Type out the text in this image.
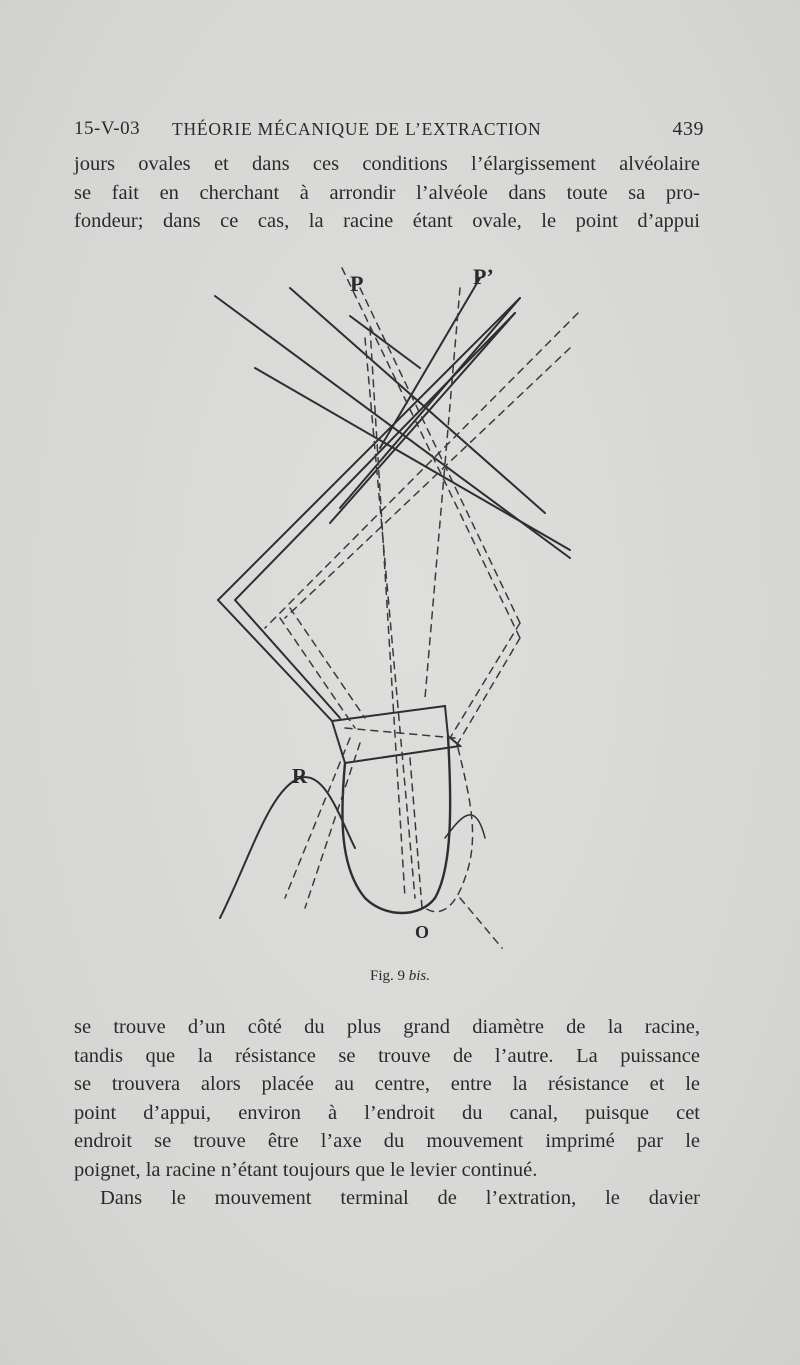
15-V-03 THÉORIE MÉCANIQUE DE L’EXTRACTION	439
jours ovales et dans ces conditions l’élargissement alvéolaire
se fait en cherchant à arrondir l’alvéole dans toute sa pro-
fondeur; dans ce cas, la racine étant ovale, le point d’appui
P	P’
R
O
Fig. 9 bis.
se trouve d’un côté du plus grand diamètre de la racine,
tandis que la résistance se trouve de l’autre. La puissance
se trouvera alors placée au centre, entre la résistance et le
point d’appui, environ à l’endroit du canal, puisque cet
endroit se trouve être l’axe du mouvement imprimé par le
poignet, la racine n’étant toujours que le levier continué.
Dans le mouvement terminal de l’extration, le davier
